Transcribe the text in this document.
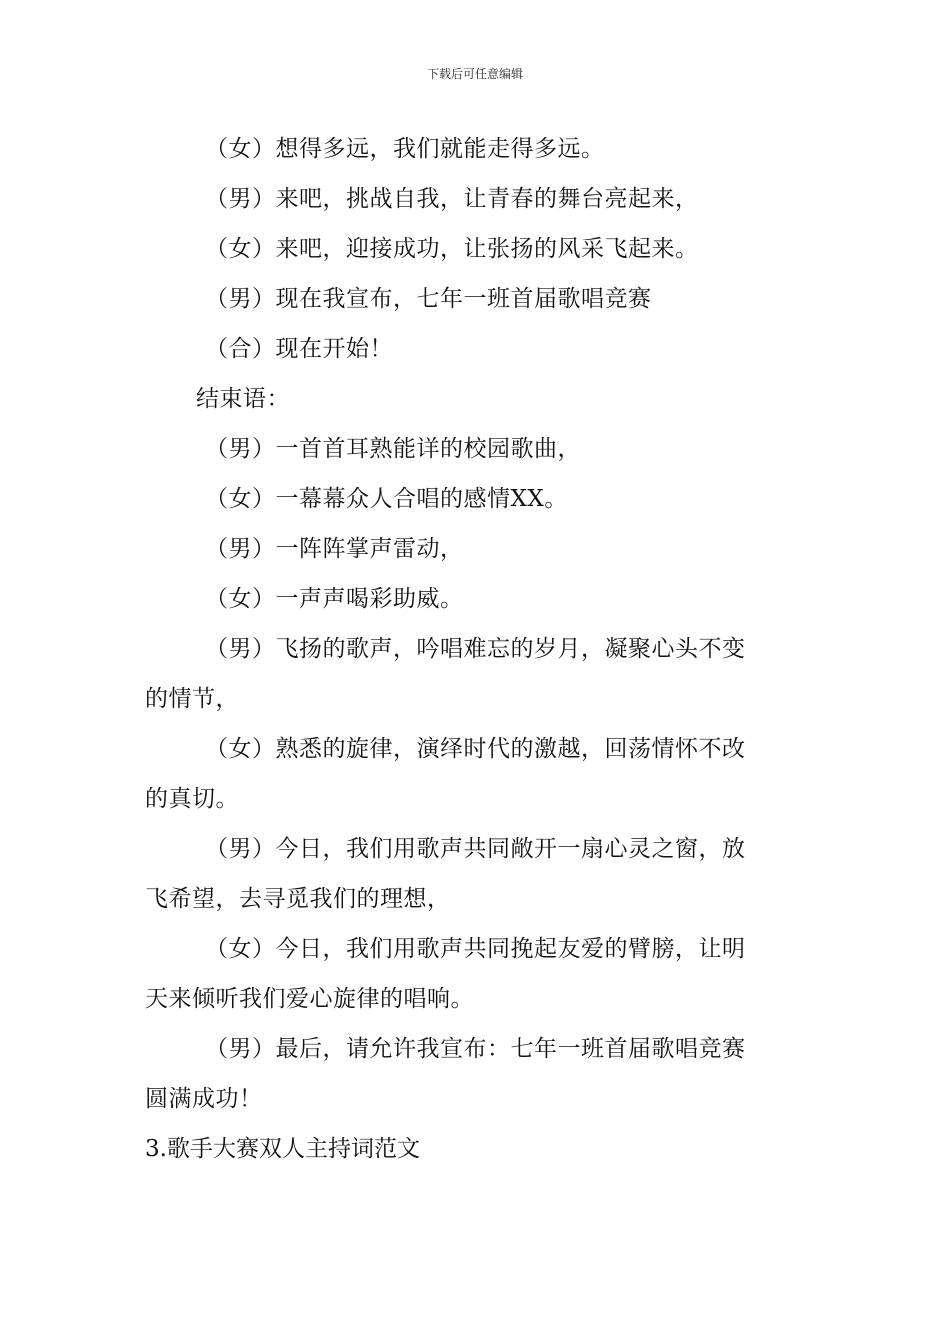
下载后可任意编辑
（女）想得多远，我们就能走得多远。
（男）来吧，挑战自我，让青春的舞台亮起来，
（女）来吧，迎接成功，让张扬的风采飞起来。
（男）现在我宣布，七年一班首届歌唱竞赛
（合）现在开始！
结束语：
（男）一首首耳熟能详的校园歌曲，
（女）一幕幕众人合唱的感情XX。
（男）一阵阵掌声雷动，
（女）一声声喝彩助威。
（男）飞扬的歌声，吟唱难忘的岁月，凝聚心头不变
的情节，
（女）熟悉的旋律，演绎时代的激越，回荡情怀不改
的真切。
（男）今日，我们用歌声共同敞开一扇心灵之窗，放
飞希望，去寻觅我们的理想，
（女）今日，我们用歌声共同挽起友爱的臂膀，让明
天来倾听我们爱心旋律的唱响。
（男）最后，请允许我宣布：七年一班首届歌唱竞赛
圆满成功！
3.歌手大赛双人主持词范文
